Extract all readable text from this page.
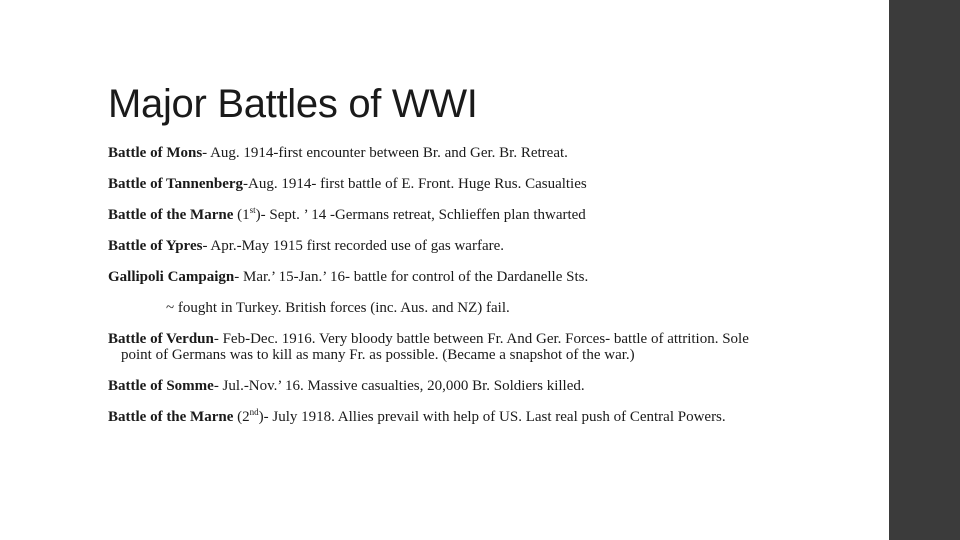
Major Battles of WWI

Battle of Mons- Aug. 1914-first encounter between Br. and Ger. Br. Retreat.

Battle of Tannenberg-Aug. 1914- first battle of E. Front. Huge Rus. Casualties

Battle of the Marne (1st)- Sept. ’ 14 -Germans retreat, Schlieffen plan thwarted

Battle of Ypres- Apr.-May 1915 first recorded use of gas warfare.

Gallipoli Campaign- Mar.’ 15-Jan.’ 16- battle for control of the Dardanelle Sts.

~ fought in Turkey. British forces (inc. Aus. and NZ) fail.

Battle of Verdun- Feb-Dec. 1916. Very bloody battle between Fr. And Ger. Forces- battle of attrition. Sole point of Germans was to kill as many Fr. as possible. (Became a snapshot of the war.)

Battle of Somme- Jul.-Nov.’ 16. Massive casualties, 20,000 Br. Soldiers killed.

Battle of the Marne (2nd)- July 1918. Allies prevail with help of US. Last real push of Central Powers.
